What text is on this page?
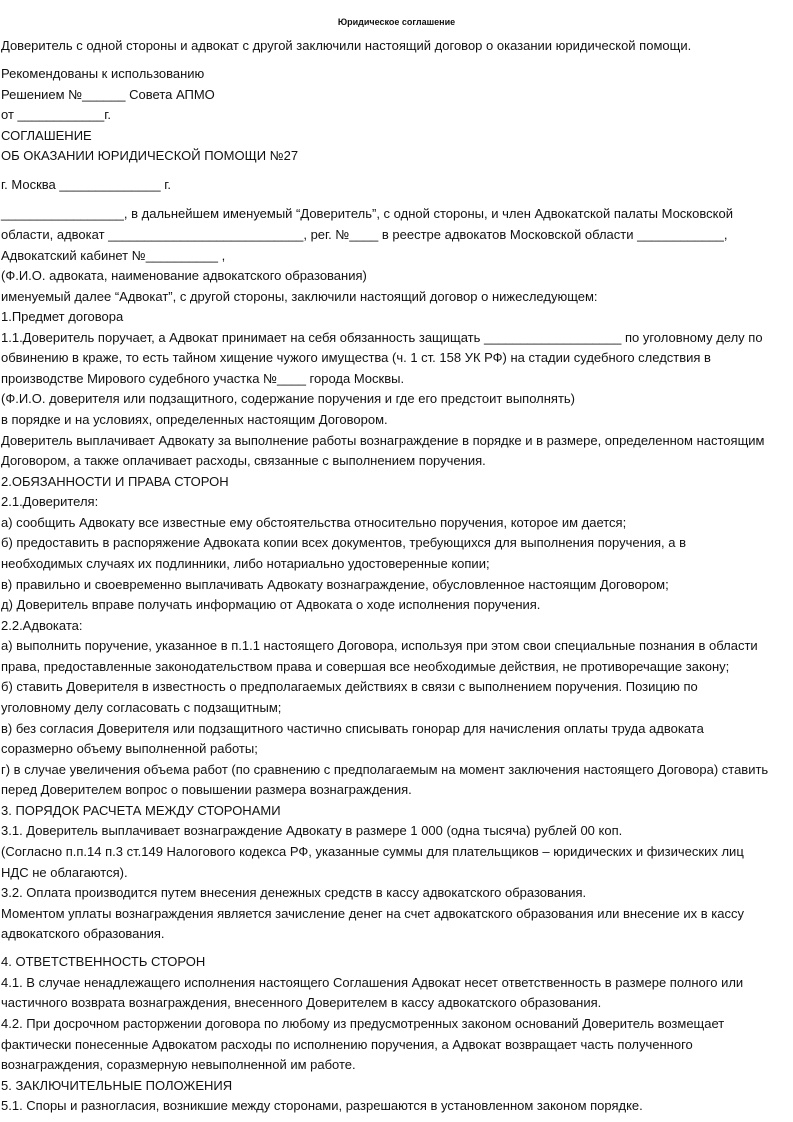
Юридическое соглашение
Доверитель с одной стороны и адвокат с другой заключили настоящий договор о оказании юридической помощи.
Рекомендованы к использованию
Решением №______ Совета АПМО
от ____________г.
СОГЛАШЕНИЕ
ОБ ОКАЗАНИИ ЮРИДИЧЕСКОЙ ПОМОЩИ №27
г. Москва ______________ г.
_________________, в дальнейшем именуемый “Доверитель”, с одной стороны, и член Адвокатской палаты Московской
области, адвокат ___________________________, рег. №____ в реестре адвокатов Московской области ____________,
Адвокатский кабинет №__________ ,
(Ф.И.О. адвоката, наименование адвокатского образования)
именуемый далее “Адвокат”, с другой стороны, заключили настоящий договор о нижеследующем:
1.Предмет договора
1.1.Доверитель поручает, а Адвокат принимает на себя обязанность защищать ___________________ по уголовному делу по
обвинению в краже, то есть тайном хищение чужого имущества (ч. 1 ст. 158 УК РФ) на стадии судебного следствия в
производстве Мирового судебного участка №____ города Москвы.
(Ф.И.О. доверителя или подзащитного, содержание поручения и где его предстоит выполнять)
в порядке и на условиях, определенных настоящим Договором.
Доверитель выплачивает Адвокату за выполнение работы вознаграждение в порядке и в размере, определенном настоящим
Договором, а также оплачивает расходы, связанные с выполнением поручения.
2.ОБЯЗАННОСТИ И ПРАВА СТОРОН
2.1.Доверителя:
а) сообщить Адвокату все известные ему обстоятельства относительно поручения, которое им дается;
б) предоставить в распоряжение Адвоката копии всех документов, требующихся для выполнения поручения, а в
необходимых случаях их подлинники, либо нотариально удостоверенные копии;
в) правильно и своевременно выплачивать Адвокату вознаграждение, обусловленное настоящим Договором;
д) Доверитель вправе получать информацию от Адвоката о ходе исполнения поручения.
2.2.Адвоката:
а) выполнить поручение, указанное в п.1.1 настоящего Договора, используя при этом свои специальные познания в области
права, предоставленные законодательством права и совершая все необходимые действия, не противоречащие закону;
б) ставить Доверителя в известность о предполагаемых действиях в связи с выполнением поручения. Позицию по
уголовному делу согласовать с подзащитным;
в) без согласия Доверителя или подзащитного частично списывать гонорар для начисления оплаты труда адвоката
соразмерно объему выполненной работы;
г) в случае увеличения объема работ (по сравнению с предполагаемым на момент заключения настоящего Договора) ставить
перед Доверителем вопрос о повышении размера вознаграждения.
3. ПОРЯДОК РАСЧЕТА МЕЖДУ СТОРОНАМИ
3.1. Доверитель выплачивает вознаграждение Адвокату в размере 1 000 (одна тысяча) рублей 00 коп.
(Согласно п.п.14 п.3 ст.149 Налогового кодекса РФ, указанные суммы для плательщиков – юридических и физических лиц
НДС не облагаются).
3.2. Оплата производится путем внесения денежных средств в кассу адвокатского образования.
Моментом уплаты вознаграждения является зачисление денег на счет адвокатского образования или внесение их в кассу
адвокатского образования.
4. ОТВЕТСТВЕННОСТЬ СТОРОН
4.1. В случае ненадлежащего исполнения настоящего Соглашения Адвокат несет ответственность в размере полного или
частичного возврата вознаграждения, внесенного Доверителем в кассу адвокатского образования.
4.2. При досрочном расторжении договора по любому из предусмотренных законом оснований Доверитель возмещает
фактически понесенные Адвокатом расходы по исполнению поручения, а Адвокат возвращает часть полученного
вознаграждения, соразмерную невыполненной им работе.
5. ЗАКЛЮЧИТЕЛЬНЫЕ ПОЛОЖЕНИЯ
5.1. Споры и разногласия, возникшие между сторонами, разрешаются в установленном законом порядке.
